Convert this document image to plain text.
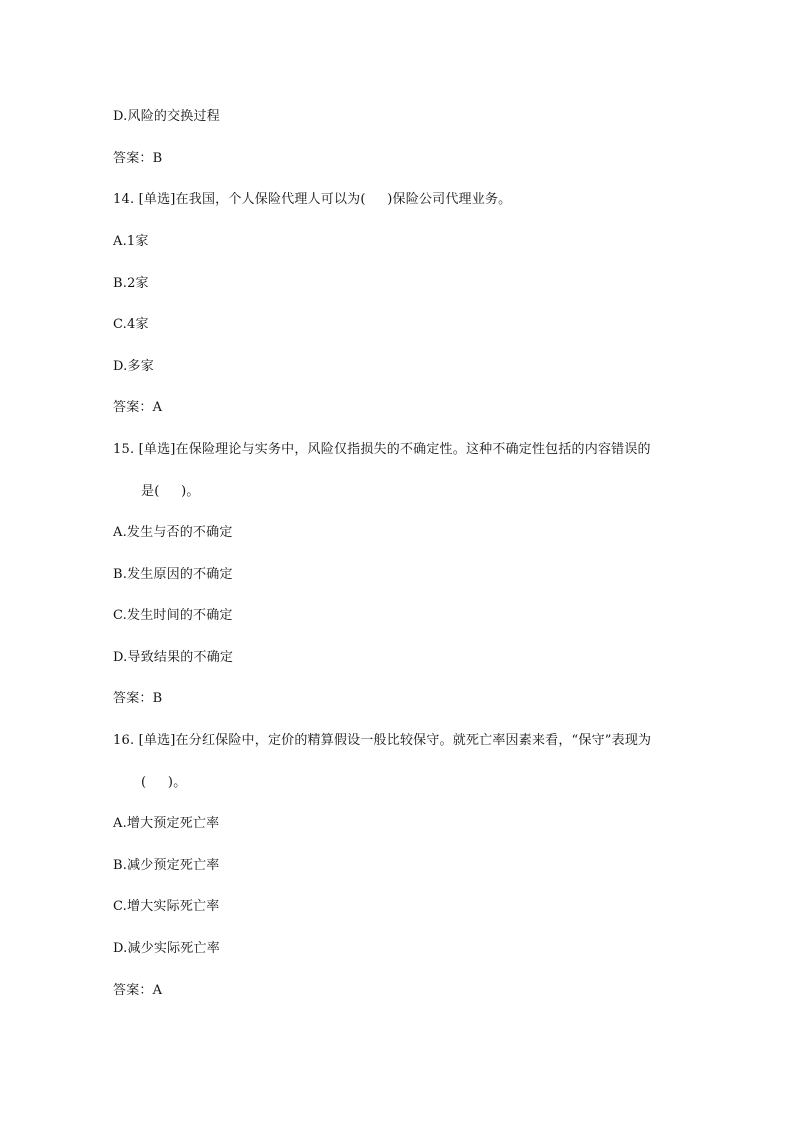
D.风险的交换过程
答案：B
14. [单选]在我国，个人保险代理人可以为(     )保险公司代理业务。
A.1家
B.2家
C.4家
D.多家
答案：A
15. [单选]在保险理论与实务中，风险仅指损失的不确定性。这种不确定性包括的内容错误的
是(     )。
A.发生与否的不确定
B.发生原因的不确定
C.发生时间的不确定
D.导致结果的不确定
答案：B
16. [单选]在分红保险中，定价的精算假设一般比较保守。就死亡率因素来看，“保守”表现为
(     )。
A.增大预定死亡率
B.减少预定死亡率
C.增大实际死亡率
D.减少实际死亡率
答案：A
